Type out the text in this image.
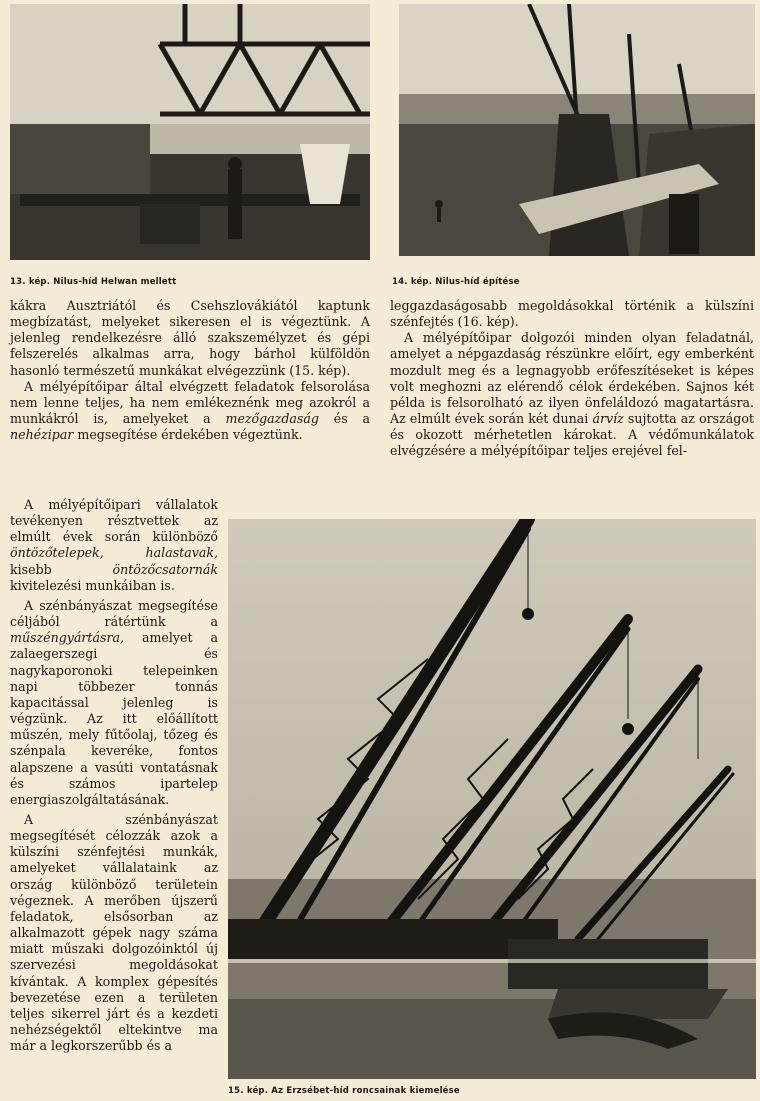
13. kép. Nilus-híd Helwan mellett	14. kép. Nilus-híd építése

kákra Ausztriától és Csehszlovákiától kaptunk megbízatást, melyeket sikeresen el is végeztünk. A jelenleg rendelkezésre álló szakszemélyzet és gépi felszerelés alkalmas arra, hogy bárhol külföldön hasonló természetű munkákat elvégezzünk (15. kép).

A mélyépítőipar által elvégzett feladatok felsorolása nem lenne teljes, ha nem emlékeznénk meg azokról a munkákról is, amelyeket a mezőgazdaság és a nehézipar megsegítése érdekében végeztünk.

A mélyépítőipari vállalatok tevékenyen résztvettek az elmúlt évek során különböző öntözőtelepek, halastavak, kisebb öntözőcsatornák kivitelezési munkáiban is.

A szénbányászat megsegítése céljából rátértünk a műszéngyártásra, amelyet a zalaegerszegi és nagykaporonoki telepeinken napi többezer tonnás kapacitással jelenleg is végzünk. Az itt előállított műszén, mely fűtőolaj, tőzeg és szénpala keveréke, fontos alapszene a vasúti vontatásnak és számos ipartelep energiaszolgáltatásának.

A szénbányászat megsegítését célozzák azok a külszíni szénfejtési munkák, amelyeket vállalataink az ország különböző területein végeznek. A merőben újszerű feladatok, elsősorban az alkalmazott gépek nagy száma miatt műszaki dolgozóinktól új szervezési megoldásokat kívántak. A komplex gépesítés bevezetése ezen a területen teljes sikerrel járt és a kezdeti nehézségektől eltekintve ma már a legkorszerűbb és a

leggazdaságosabb megoldásokkal történik a külszíni szénfejtés (16. kép).

A mélyépítőipar dolgozói minden olyan feladatnál, amelyet a népgazdaság részünkre előírt, egy emberként mozdult meg és a legnagyobb erőfeszítéseket is képes volt meghozni az elérendő célok érdekében. Sajnos két példa is felsorolható az ilyen önfeláldozó magatartásra. Az elmúlt évek során két dunai árvíz sujtotta az országot és okozott mérhetetlen károkat. A védőmunkálatok elvégzésére a mélyépítőipar teljes erejével fel-

15. kép. Az Erzsébet-híd roncsainak kiemelése
